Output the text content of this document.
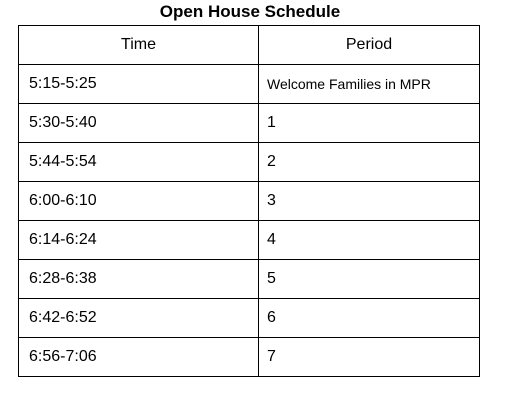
Open House Schedule
Time	Period
5:15-5:25	Welcome Families in MPR
5:30-5:40	1
5:44-5:54	2
6:00-6:10	3
6:14-6:24	4
6:28-6:38	5
6:42-6:52	6
6:56-7:06	7
